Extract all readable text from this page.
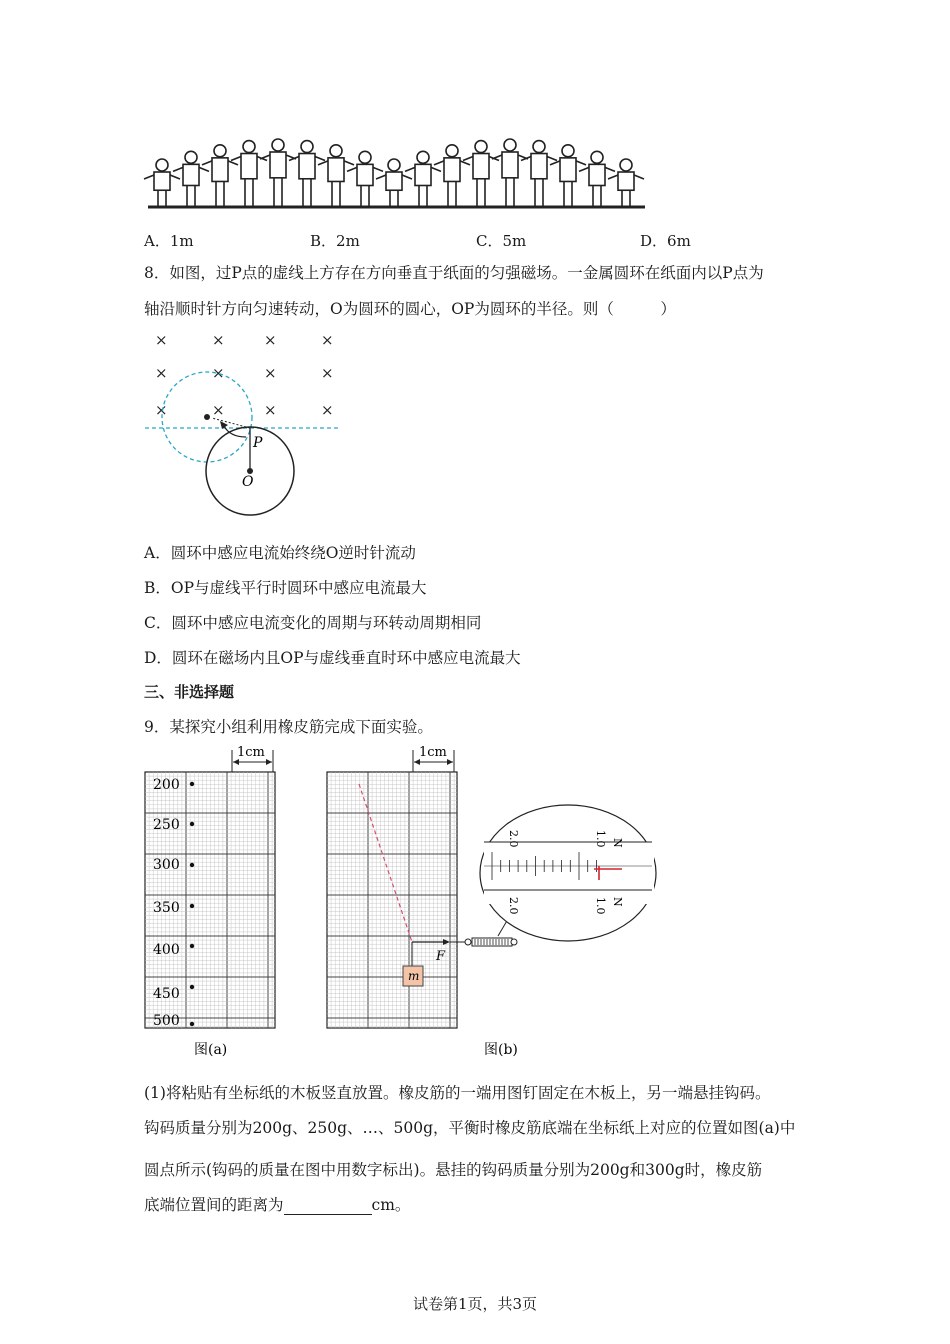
A．1m	B．2m	C．5m	D．6m
8．如图，过P点的虚线上方存在方向垂直于纸面的匀强磁场。一金属圆环在纸面内以P点为
轴沿顺时针方向匀速转动，O为圆环的圆心，OP为圆环的半径。则（　　　）
×	×	×	×
×	×	×	×
×	×	×	×
P
O
A．圆环中感应电流始终绕O逆时针流动
B．OP与虚线平行时圆环中感应电流最大
C．圆环中感应电流变化的周期与环转动周期相同
D．圆环在磁场内且OP与虚线垂直时环中感应电流最大
三、非选择题
9．某探究小组利用橡皮筋完成下面实验。
1cm
200
250
300
350
400
450
500
图(a)
1cm
m
F
2.0	1.0 N
2.0	1.0 N
图(b)
(1)将粘贴有坐标纸的木板竖直放置。橡皮筋的一端用图钉固定在木板上，另一端悬挂钩码。
钩码质量分别为200g、250g、…、500g，平衡时橡皮筋底端在坐标纸上对应的位置如图(a)中
圆点所示(钩码的质量在图中用数字标出)。悬挂的钩码质量分别为200g和300g时，橡皮筋
底端位置间的距离为	cm。
试卷第1页，共3页
